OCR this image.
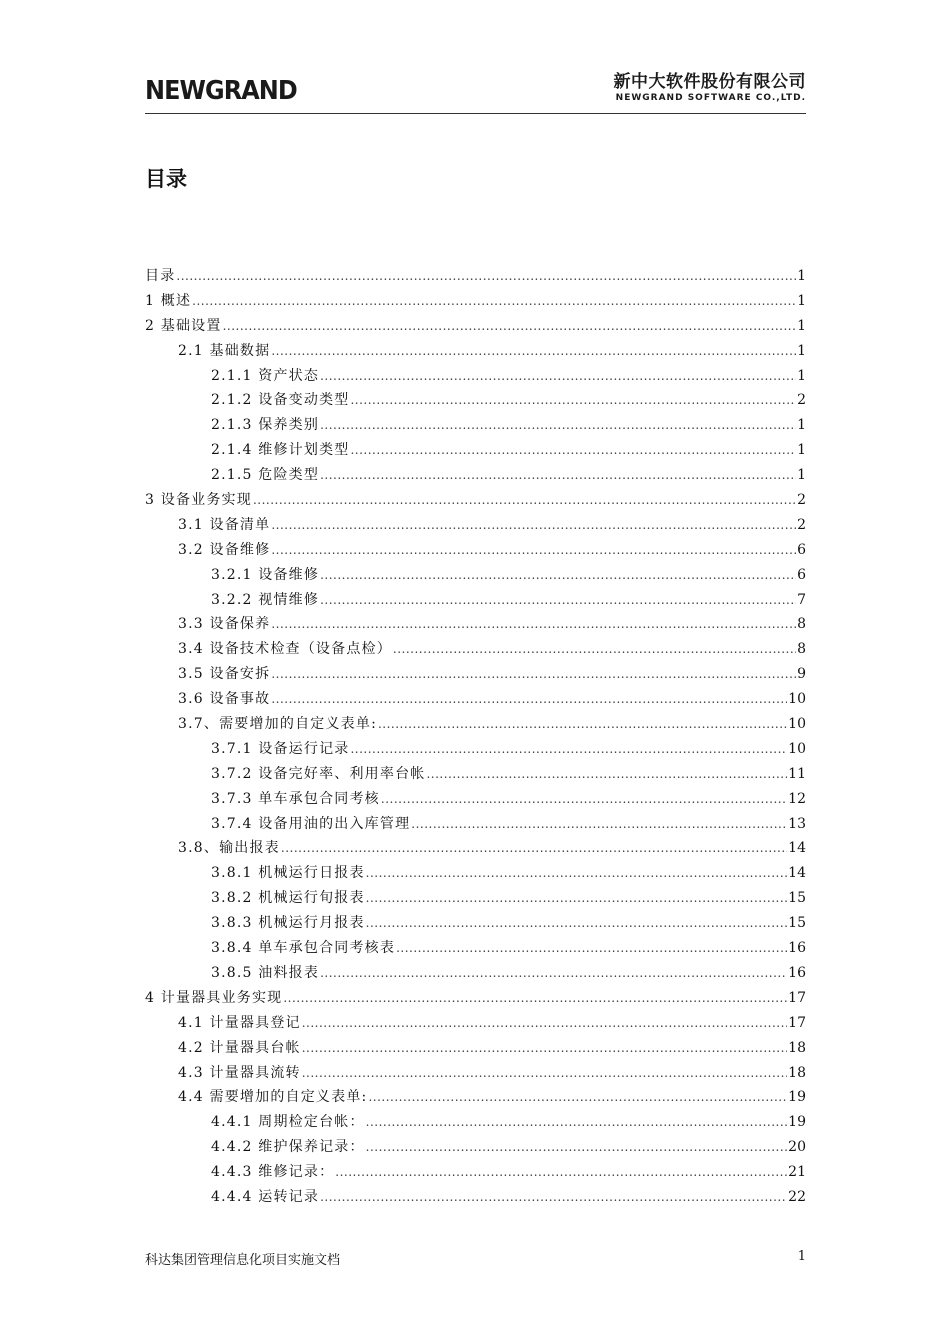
NEWGRAND	新中大软件股份有限公司
NEWGRAND SOFTWARE CO.,LTD.
目录
目录 .....	1
1 概述 .....	1
2 基础设置 .....	1
2.1 基础数据 .....	1
2.1.1 资产状态 .....	1
2.1.2 设备变动类型 .....	2
2.1.3 保养类别 .....	1
2.1.4 维修计划类型 .....	1
2.1.5 危险类型 .....	1
3 设备业务实现 .....	2
3.1 设备清单 .....	2
3.2 设备维修 .....	6
3.2.1 设备维修 .....	6
3.2.2 视情维修 .....	7
3.3 设备保养 .....	8
3.4 设备技术检查（设备点检） .....	8
3.5 设备安拆 .....	9
3.6 设备事故 .....	10
3.7、需要增加的自定义表单: .....	10
3.7.1 设备运行记录 .....	10
3.7.2 设备完好率、利用率台帐 .....	11
3.7.3 单车承包合同考核 .....	12
3.7.4 设备用油的出入库管理 .....	13
3.8、输出报表 .....	14
3.8.1 机械运行日报表 .....	14
3.8.2 机械运行旬报表 .....	15
3.8.3 机械运行月报表 .....	15
3.8.4 单车承包合同考核表 .....	16
3.8.5 油料报表 .....	16
4 计量器具业务实现 .....	17
4.1 计量器具登记 .....	17
4.2 计量器具台帐 .....	18
4.3 计量器具流转 .....	18
4.4 需要增加的自定义表单: .....	19
4.4.1 周期检定台帐： .....	19
4.4.2 维护保养记录： .....	20
4.4.3 维修记录： .....	21
4.4.4 运转记录 .....	22
科达集团管理信息化项目实施文档	1
